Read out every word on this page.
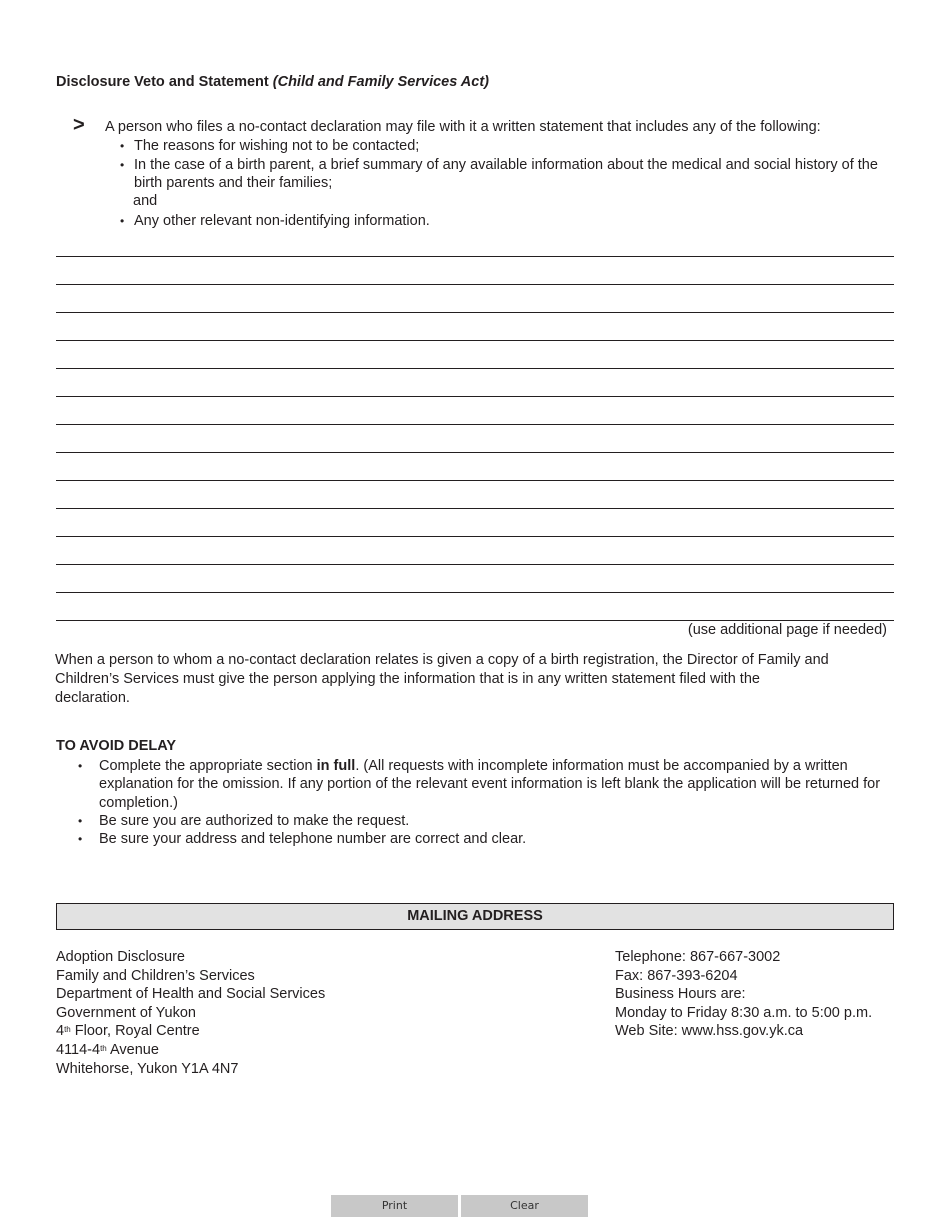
Disclosure Veto and Statement (Child and Family Services Act)
> A person who files a no-contact declaration may file with it a written statement that includes any of the following:
• The reasons for wishing not to be contacted;
• In the case of a birth parent, a brief summary of any available information about the medical and social history of the birth parents and their families;
and
• Any other relevant non-identifying information.
(use additional page if needed)
When a person to whom a no-contact declaration relates is given a copy of a birth registration, the Director of Family and Children’s Services must give the person applying the information that is in any written statement filed with the declaration.
TO AVOID DELAY
• Complete the appropriate section in full. (All requests with incomplete information must be accompanied by a written explanation for the omission. If any portion of the relevant event information is left blank the application will be returned for completion.)
• Be sure you are authorized to make the request.
• Be sure your address and telephone number are correct and clear.
MAILING ADDRESS
Adoption Disclosure
Family and Children’s Services
Department of Health and Social Services
Government of Yukon
4th Floor, Royal Centre
4114-4th Avenue
Whitehorse, Yukon Y1A 4N7
Telephone: 867-667-3002
Fax: 867-393-6204
Business Hours are:
Monday to Friday 8:30 a.m. to 5:00 p.m.
Web Site: www.hss.gov.yk.ca
Print	Clear
